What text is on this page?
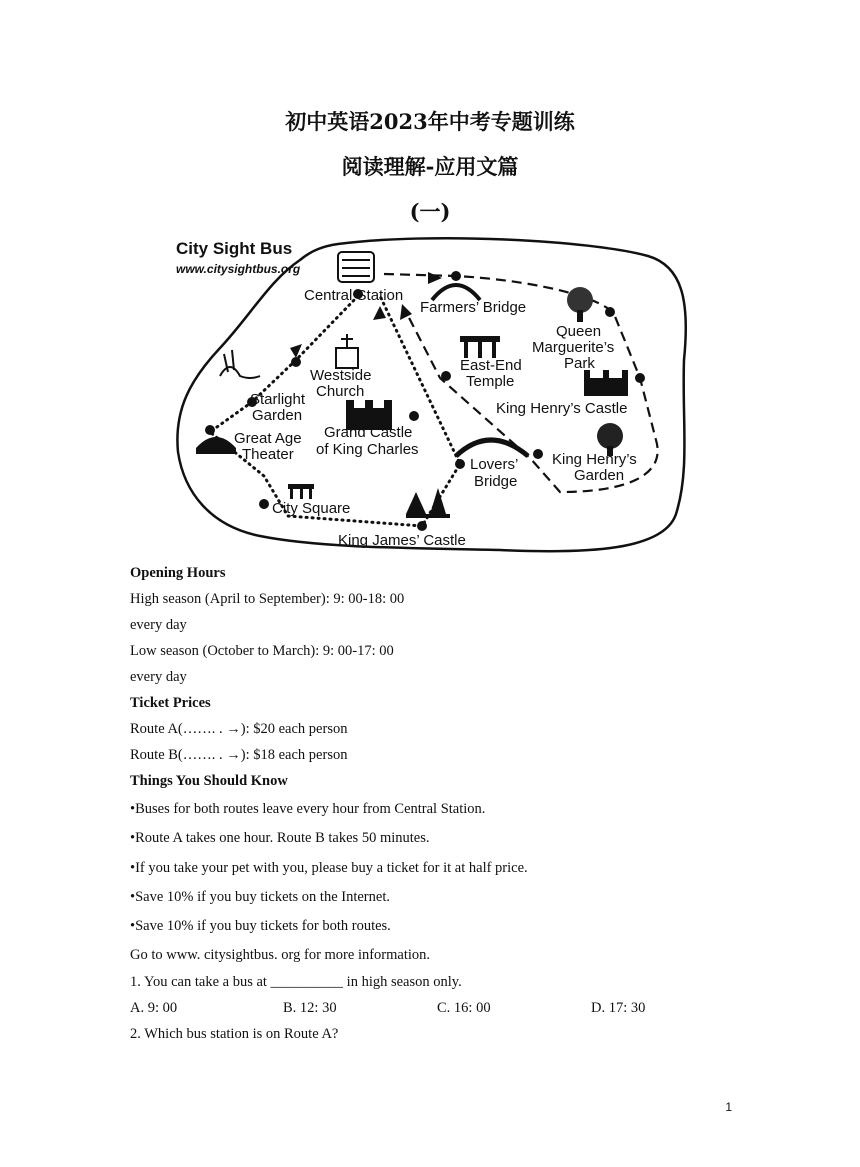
初中英语2023年中考专题训练
阅读理解-应用文篇
(一)
City Sight Bus
www.citysightbus.org
Central Station
Farmers’ Bridge
Queen
Marguerite’s
Park
East-End
Temple
Westside
Church
Starlight
Garden	King Henry’s Castle
Grand Castle
of King Charles
Great Age
Theater
Lovers’
Bridge
King Henry’s
Garden
City Square
King James’ Castle
Opening Hours
High season (April to September): 9: 00-18: 00
every day
Low season (October to March): 9: 00-17: 00
every day
Ticket Prices
Route A(……. . →): $20 each person
Route B(……. . →): $18 each person
Things You Should Know
•Buses for both routes leave every hour from Central Station.
•Route A takes one hour. Route B takes 50 minutes.
•If you take your pet with you, please buy a ticket for it at half price.
•Save 10% if you buy tickets on the Internet.
•Save 10% if you buy tickets for both routes.
Go to www. citysightbus. org for more information.
1. You can take a bus at __________ in high season only.
A. 9: 00	B. 12: 30	C. 16: 00	D. 17: 30
2. Which bus station is on Route A?
1
